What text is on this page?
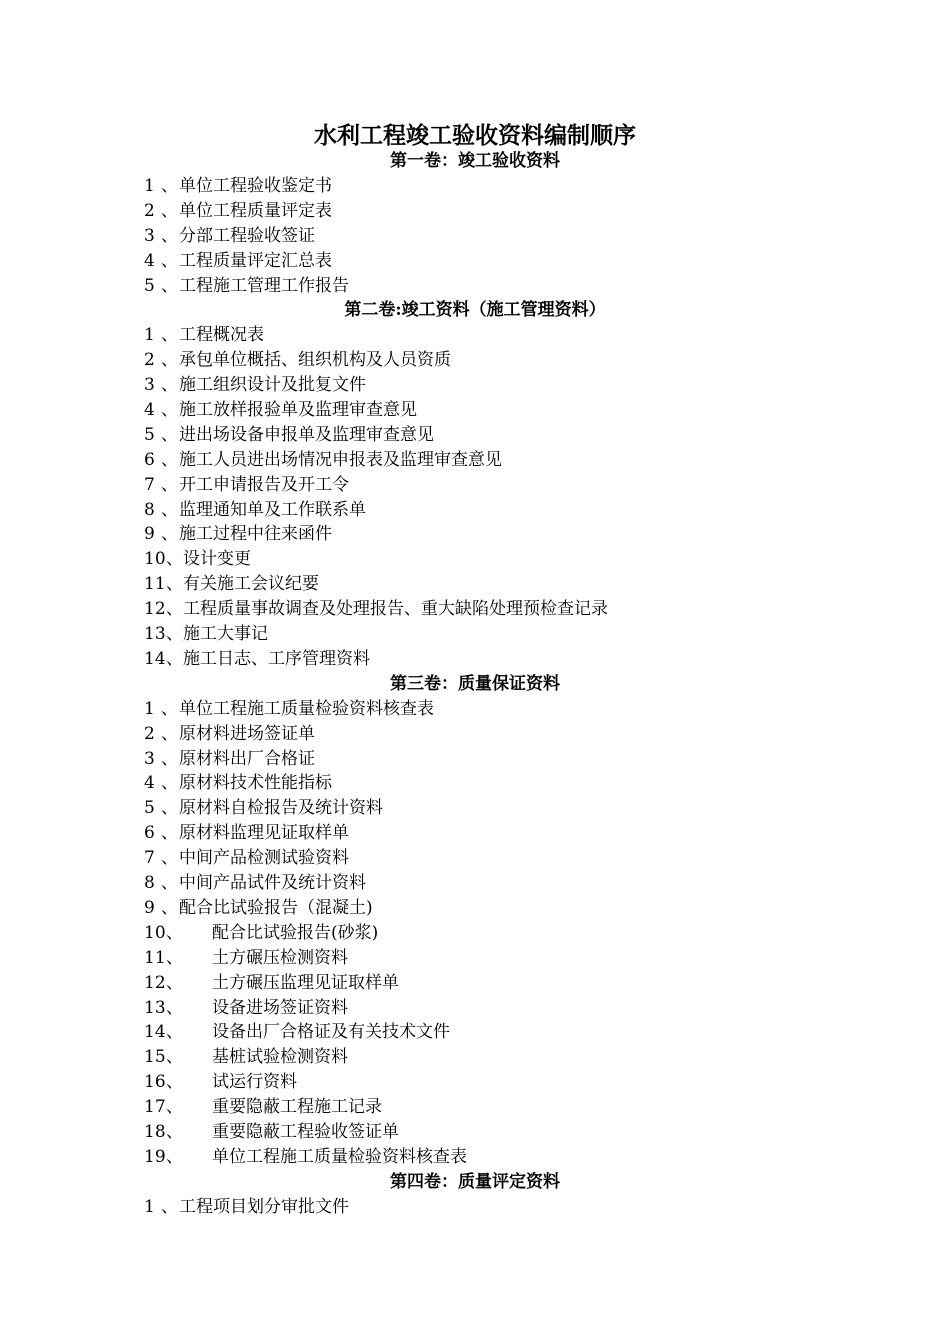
水利工程竣工验收资料编制顺序
第一卷：竣工验收资料
1 、单位工程验收鉴定书
2 、单位工程质量评定表
3 、分部工程验收签证
4 、工程质量评定汇总表
5 、工程施工管理工作报告
第二卷:竣工资料（施工管理资料）
1 、工程概况表
2 、承包单位概括、组织机构及人员资质
3 、施工组织设计及批复文件
4 、施工放样报验单及监理审查意见
5 、进出场设备申报单及监理审查意见
6 、施工人员进出场情况申报表及监理审查意见
7 、开工申请报告及开工令
8 、监理通知单及工作联系单
9 、施工过程中往来函件
10、设计变更
11、有关施工会议纪要
12、工程质量事故调查及处理报告、重大缺陷处理预检查记录
13、施工大事记
14、施工日志、工序管理资料
第三卷：质量保证资料
1 、单位工程施工质量检验资料核查表
2 、原材料进场签证单
3 、原材料出厂合格证
4 、原材料技术性能指标
5 、原材料自检报告及统计资料
6 、原材料监理见证取样单
7 、中间产品检测试验资料
8 、中间产品试件及统计资料
9 、配合比试验报告（混凝土)
10、 配合比试验报告(砂浆)
11、 土方碾压检测资料
12、 土方碾压监理见证取样单
13、 设备进场签证资料
14、 设备出厂合格证及有关技术文件
15、 基桩试验检测资料
16、 试运行资料
17、 重要隐蔽工程施工记录
18、 重要隐蔽工程验收签证单
19、 单位工程施工质量检验资料核查表
第四卷：质量评定资料
1 、工程项目划分审批文件
